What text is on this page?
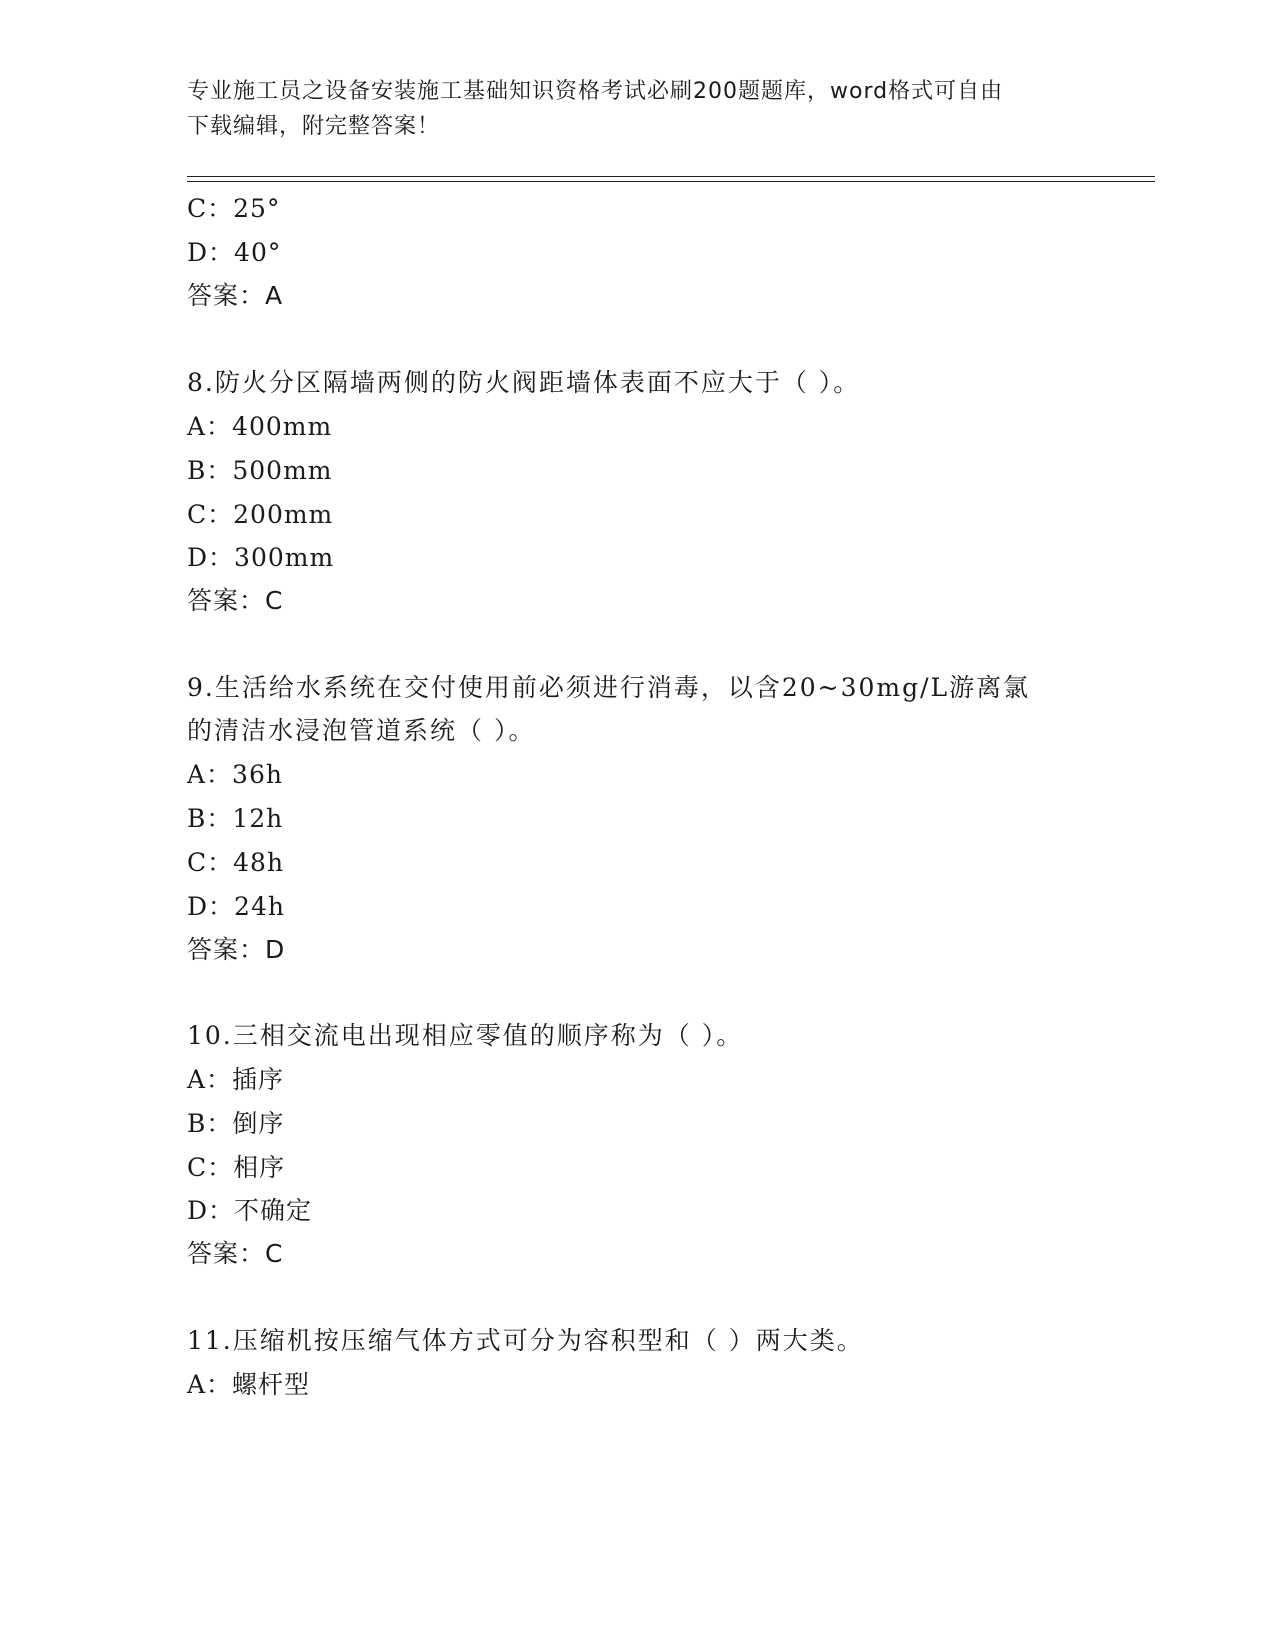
专业施工员之设备安装施工基础知识资格考试必刷200题题库，word格式可自由
下载编辑，附完整答案！
C：25°
D：40°
答案：A
8.防火分区隔墙两侧的防火阀距墙体表面不应大于（ ）。
A：400mm
B：500mm
C：200mm
D：300mm
答案：C
9.生活给水系统在交付使用前必须进行消毒，以含20~30mg/L游离氯
的清洁水浸泡管道系统（ ）。
A：36h
B：12h
C：48h
D：24h
答案：D
10.三相交流电出现相应零值的顺序称为（ ）。
A：插序
B：倒序
C：相序
D：不确定
答案：C
11.压缩机按压缩气体方式可分为容积型和（ ）两大类。
A：螺杆型
